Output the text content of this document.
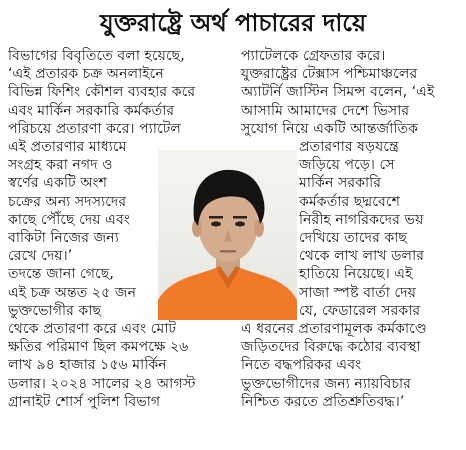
যুক্তরাষ্ট্রে অর্থ পাচারের দায়ে

বিভাগের বিবৃতিতে বলা হয়েছে,

‘এই প্রতারক চক্র অনলাইনে

বিভিন্ন ফিশিং কৌশল ব্যবহার করে

এবং মার্কিন সরকারি কর্মকর্তার

পরিচয়ে প্রতারণা করে। প্যাটেল

এই প্রতারণার মাধ্যমে

সংগ্রহ করা নগদ ও

স্বর্ণের একটি অংশ

চক্রের অন্য সদস্যদের

কাছে পৌঁছে দেয় এবং

বাকিটা নিজের জন্য

রেখে দেয়।’

তদন্তে জানা গেছে,

এই চক্র অন্তত ২৫ জন

ভুক্তভোগীর কাছ

থেকে প্রতারণা করে এবং মোট

ক্ষতির পরিমাণ ছিল কমপক্ষে ২৬

লাখ ৯৪ হাজার ১৫৬ মার্কিন

ডলার। ২০২৪ সালের ২৪ আগস্ট

গ্রানাইট শোর্স পুলিশ বিভাগ

প্যাটেলকে গ্রেফতার করে।

যুক্তরাষ্ট্রের টেক্সাস পশ্চিমাঞ্চলের

অ্যাটর্নি জাস্টিন সিমন্স বলেন, ‘এই

আসামি আমাদের দেশে ভিসার

সুযোগ নিয়ে একটি আন্তর্জাতিক

প্রতারণার ষড়যন্ত্রে

জড়িয়ে পড়ে। সে

মার্কিন সরকারি

কর্মকর্তার ছদ্মবেশে

নিরীহ নাগরিকদের ভয়

দেখিয়ে তাদের কাছ

থেকে লাখ লাখ ডলার

হাতিয়ে নিয়েছে। এই

সাজা স্পষ্ট বার্তা দেয়

যে, ফেডারেল সরকার

এ ধরনের প্রতারণামূলক কর্মকাণ্ডে

জড়িতদের বিরুদ্ধে কঠোর ব্যবস্থা

নিতে বদ্ধপরিকর এবং

ভুক্তভোগীদের জন্য ন্যায়বিচার

নিশ্চিত করতে প্রতিশ্রুতিবদ্ধ।’
